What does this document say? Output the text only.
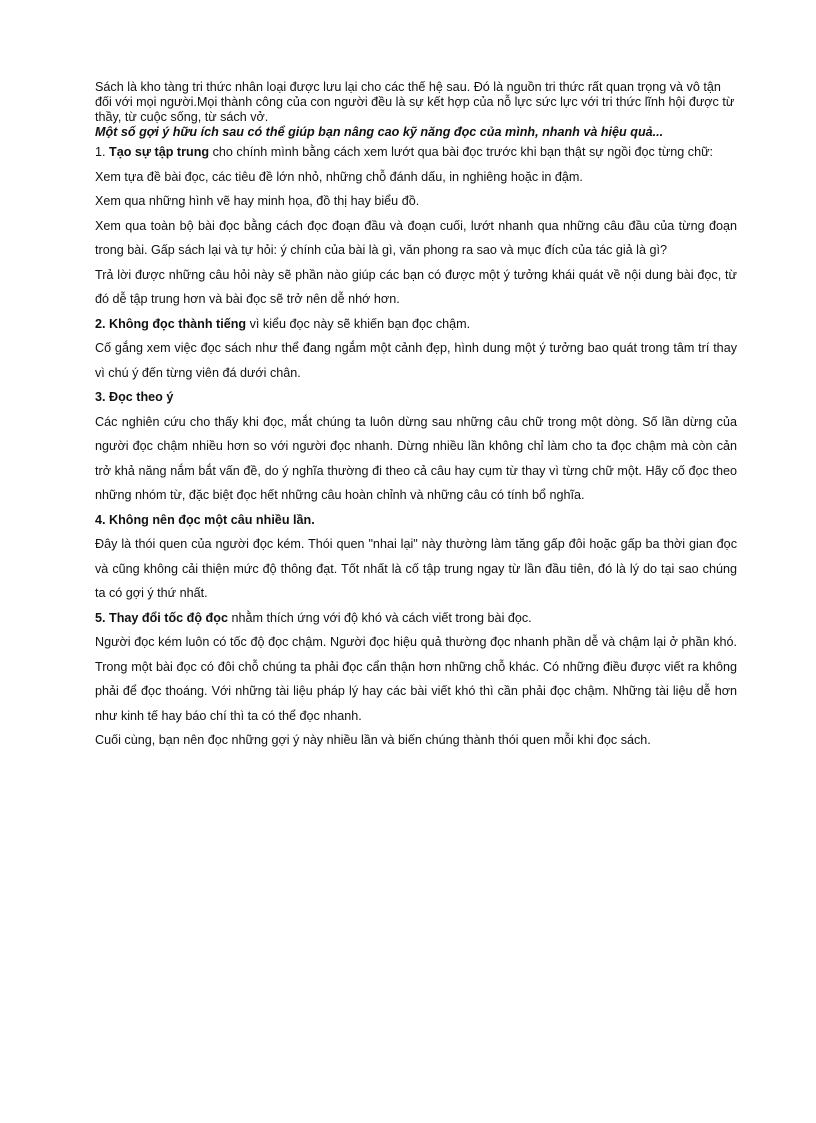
Sách là kho tàng tri thức nhân loại được lưu lại cho các thế hệ sau. Đó là nguồn tri thức rất quan trọng và vô tận đối với mọi người.Mọi thành công của con người đều là sự kết hợp của nỗ lực sức lực với tri thức lĩnh hội được từ thầy, từ cuộc sống, từ sách vở.

Một số gợi ý hữu ích sau có thể giúp bạn nâng cao kỹ năng đọc của mình, nhanh và hiệu quả...

1. Tạo sự tập trung cho chính mình bằng cách xem lướt qua bài đọc trước khi bạn thật sự ngồi đọc từng chữ:

Xem tựa đề bài đọc, các tiêu đề lớn nhỏ, những chỗ đánh dấu, in nghiêng hoặc in đậm.

Xem qua những hình vẽ hay minh họa, đồ thị hay biểu đồ.

Xem qua toàn bộ bài đọc bằng cách đọc đoạn đầu và đoạn cuối, lướt nhanh qua những câu đầu của từng đoạn trong bài. Gấp sách lại và tự hỏi: ý chính của bài là gì, văn phong ra sao và mục đích của tác giả là gì?

Trả lời được những câu hỏi này sẽ phần nào giúp các bạn có được một ý tưởng khái quát về nội dung bài đọc, từ đó dễ tập trung hơn và bài đọc sẽ trở nên dễ nhớ hơn.

2. Không đọc thành tiếng vì kiểu đọc này sẽ khiến bạn đọc chậm.

Cố gắng xem việc đọc sách như thể đang ngắm một cảnh đẹp, hình dung một ý tưởng bao quát trong tâm trí thay vì chú ý đến từng viên đá dưới chân.

3. Đọc theo ý

Các nghiên cứu cho thấy khi đọc, mắt chúng ta luôn dừng sau những câu chữ trong một dòng. Số lần dừng của người đọc chậm nhiều hơn so với người đọc nhanh. Dừng nhiều lần không chỉ làm cho ta đọc chậm mà còn cản trở khả năng nắm bắt vấn đề, do ý nghĩa thường đi theo cả câu hay cụm từ thay vì từng chữ một. Hãy cố đọc theo những nhóm từ, đặc biệt đọc hết những câu hoàn chỉnh và những câu có tính bổ nghĩa.

4. Không nên đọc một câu nhiều lần.

Đây là thói quen của người đọc kém. Thói quen "nhai lại" này thường làm tăng gấp đôi hoặc gấp ba thời gian đọc và cũng không cải thiện mức độ thông đạt. Tốt nhất là cố tập trung ngay từ lần đầu tiên, đó là lý do tại sao chúng ta có gợi ý thứ nhất.

5. Thay đổi tốc độ đọc nhằm thích ứng với độ khó và cách viết trong bài đọc.

Người đọc kém luôn có tốc độ đọc chậm. Người đọc hiệu quả thường đọc nhanh phần dễ và chậm lại ở phần khó. Trong một bài đọc có đôi chỗ chúng ta phải đọc cẩn thận hơn những chỗ khác. Có những điều được viết ra không phải để đọc thoáng. Với những tài liệu pháp lý hay các bài viết khó thì cần phải đọc chậm. Những tài liệu dễ hơn như kinh tế hay báo chí thì ta có thể đọc nhanh.

Cuối cùng, bạn nên đọc những gợi ý này nhiều lần và biến chúng thành thói quen mỗi khi đọc sách.
